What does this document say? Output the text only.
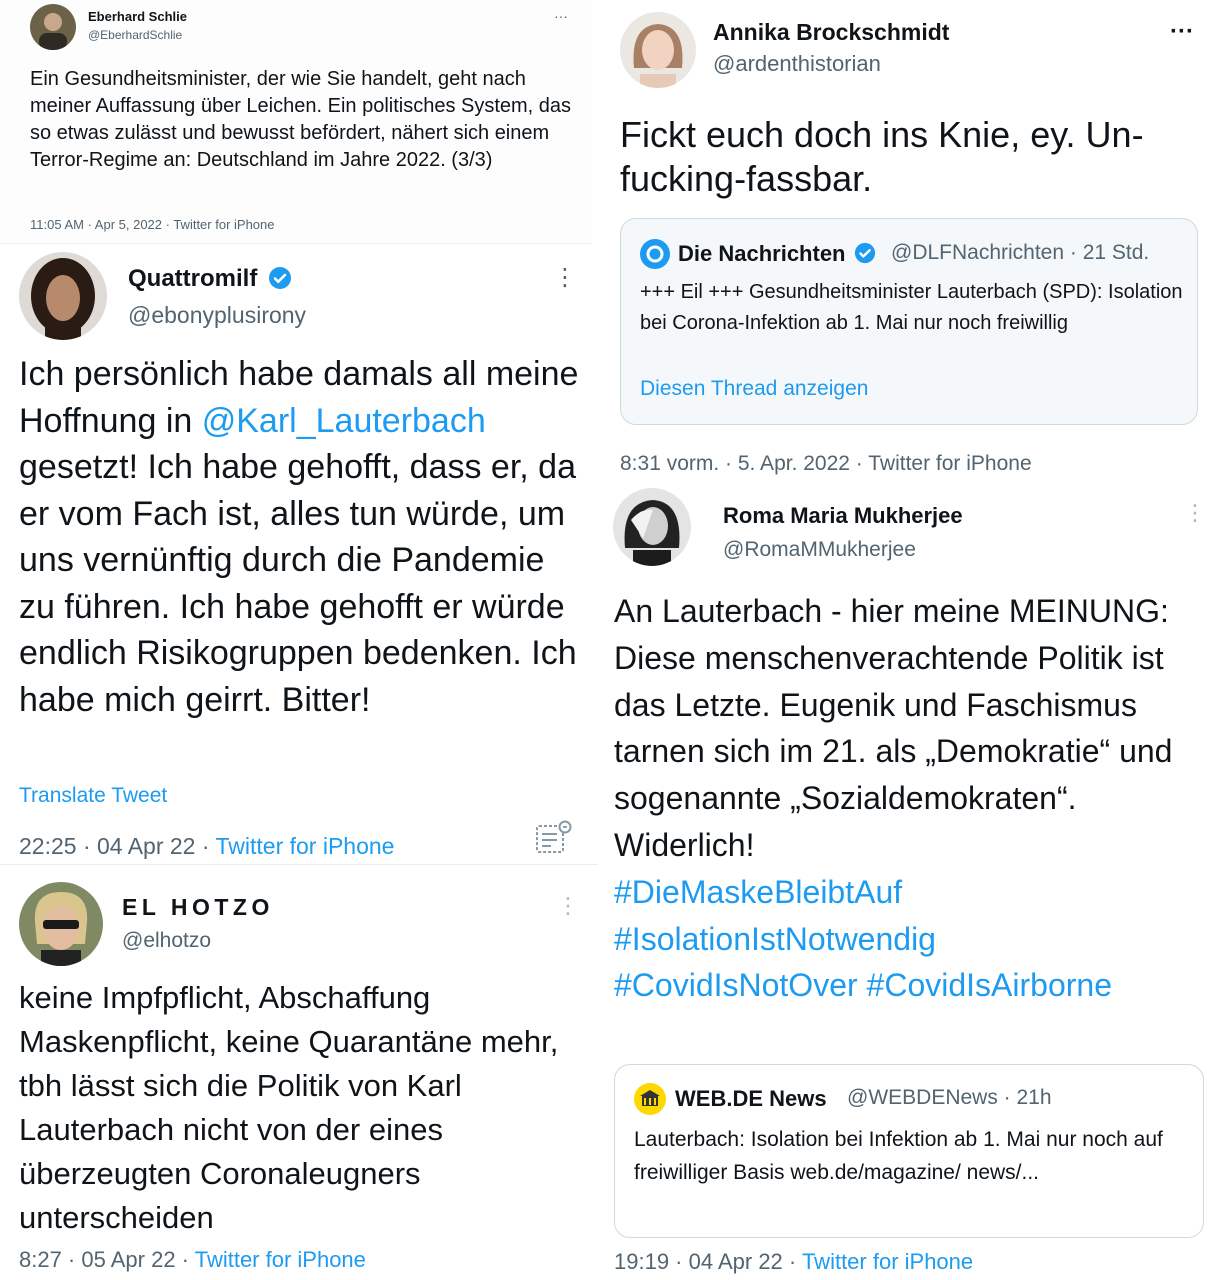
Eberhard Schlie
@EberhardSchlie
···
Ein Gesundheitsminister, der wie Sie handelt, geht nach meiner Auffassung über Leichen. Ein politisches System, das so etwas zulässt und bewusst befördert, nähert sich einem Terror-Regime an: Deutschland im Jahre 2022. (3/3)
11:05 AM · Apr 5, 2022 · Twitter for iPhone
Quattromilf
@ebonyplusirony
⋮
Ich persönlich habe damals all meine Hoffnung in @Karl_Lauterbach gesetzt! Ich habe gehofft, dass er, da er vom Fach ist, alles tun würde, um uns vernünftig durch die Pandemie zu führen. Ich habe gehofft er würde endlich Risikogruppen bedenken. Ich habe mich geirrt. Bitter!
Translate Tweet
22:25 · 04 Apr 22 · Twitter for iPhone
EL HOTZO
@elhotzo
⋮
keine Impfpflicht, Abschaffung Maskenpflicht, keine Quarantäne mehr, tbh lässt sich die Politik von Karl Lauterbach nicht von der eines überzeugten Coronaleugners unterscheiden
8:27 · 05 Apr 22 · Twitter for iPhone
Annika Brockschmidt
@ardenthistorian
···
Fickt euch doch ins Knie, ey. Un-fucking-fassbar.
Die Nachrichten	@DLFNachrichten · 21 Std.
+++ Eil +++ Gesundheitsminister Lauterbach (SPD): Isolation bei Corona-Infektion ab 1. Mai nur noch freiwillig
Diesen Thread anzeigen
8:31 vorm. · 5. Apr. 2022 · Twitter for iPhone
Roma Maria Mukherjee
@RomaMMukherjee
⋮
An Lauterbach - hier meine MEINUNG: Diese menschenverachtende Politik ist das Letzte. Eugenik und Faschismus tarnen sich im 21. als „Demokratie“ und sogenannte „Sozialdemokraten“. Widerlich!
#DieMaskeBleibtAuf
#IsolationIstNotwendig
#CovidIsNotOver #CovidIsAirborne
WEB.DE News @WEBDENews · 21h
Lauterbach: Isolation bei Infektion ab 1. Mai nur noch auf freiwilliger Basis web.de/magazine/ news/...
19:19 · 04 Apr 22 · Twitter for iPhone
